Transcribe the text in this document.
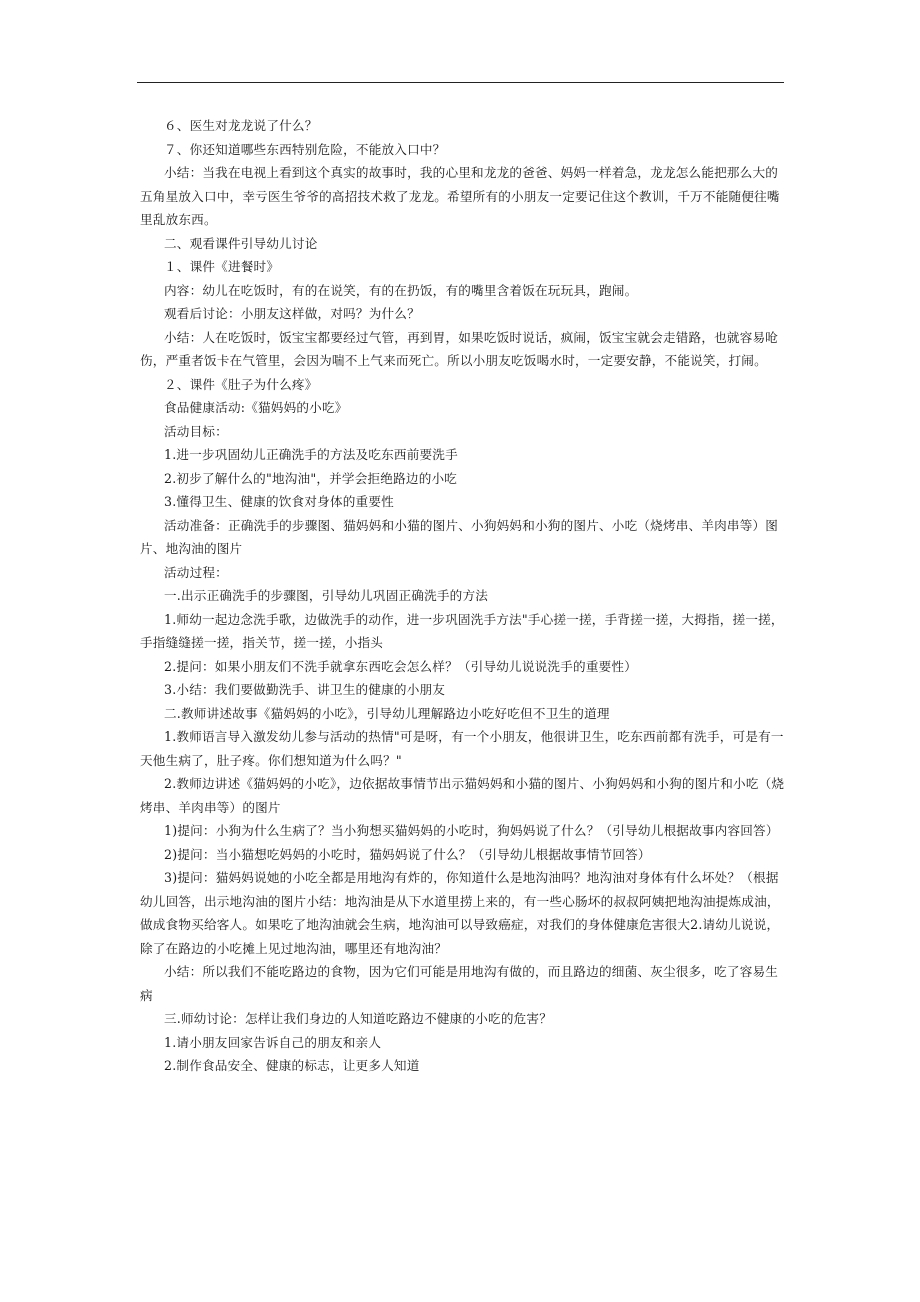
６、医生对龙龙说了什么？

７、你还知道哪些东西特别危险，不能放入口中？

小结：当我在电视上看到这个真实的故事时，我的心里和龙龙的爸爸、妈妈一样着急，龙龙怎么能把那么大的五角星放入口中，幸亏医生爷爷的高招技术救了龙龙。希望所有的小朋友一定要记住这个教训，千万不能随便往嘴里乱放东西。

二、观看课件引导幼儿讨论

１、课件《进餐时》

内容：幼儿在吃饭时，有的在说笑，有的在扔饭，有的嘴里含着饭在玩玩具，跑闹。

观看后讨论：小朋友这样做，对吗？为什么？

小结：人在吃饭时，饭宝宝都要经过气管，再到胃，如果吃饭时说话，疯闹，饭宝宝就会走错路，也就容易呛伤，严重者饭卡在气管里，会因为喘不上气来而死亡。所以小朋友吃饭喝水时，一定要安静，不能说笑，打闹。

２、课件《肚子为什么疼》

食品健康活动:《猫妈妈的小吃》

活动目标：

1.进一步巩固幼儿正确洗手的方法及吃东西前要洗手

2.初步了解什么的"地沟油"，并学会拒绝路边的小吃

3.懂得卫生、健康的饮食对身体的重要性

活动准备：正确洗手的步骤图、猫妈妈和小猫的图片、小狗妈妈和小狗的图片、小吃（烧烤串、羊肉串等）图片、地沟油的图片

活动过程：

一.出示正确洗手的步骤图，引导幼儿巩固正确洗手的方法

1.师幼一起边念洗手歌，边做洗手的动作，进一步巩固洗手方法"手心搓一搓，手背搓一搓，大拇指，搓一搓，手指缝缝搓一搓，指关节，搓一搓，小指头

2.提问：如果小朋友们不洗手就拿东西吃会怎么样？（引导幼儿说说洗手的重要性）

3.小结：我们要做勤洗手、讲卫生的健康的小朋友

二.教师讲述故事《猫妈妈的小吃》，引导幼儿理解路边小吃好吃但不卫生的道理

1.教师语言导入激发幼儿参与活动的热情"可是呀，有一个小朋友，他很讲卫生，吃东西前都有洗手，可是有一天他生病了，肚子疼。你们想知道为什么吗？"

2.教师边讲述《猫妈妈的小吃》，边依据故事情节出示猫妈妈和小猫的图片、小狗妈妈和小狗的图片和小吃（烧烤串、羊肉串等）的图片

1)提问：小狗为什么生病了？当小狗想买猫妈妈的小吃时，狗妈妈说了什么？（引导幼儿根据故事内容回答）

2)提问：当小猫想吃妈妈的小吃时，猫妈妈说了什么？（引导幼儿根据故事情节回答）

3)提问：猫妈妈说她的小吃全都是用地沟有炸的，你知道什么是地沟油吗？地沟油对身体有什么坏处？（根据幼儿回答，出示地沟油的图片小结：地沟油是从下水道里捞上来的，有一些心肠坏的叔叔阿姨把地沟油提炼成油，做成食物买给客人。如果吃了地沟油就会生病，地沟油可以导致癌症，对我们的身体健康危害很大2.请幼儿说说，除了在路边的小吃摊上见过地沟油，哪里还有地沟油？

小结：所以我们不能吃路边的食物，因为它们可能是用地沟有做的，而且路边的细菌、灰尘很多，吃了容易生病

三.师幼讨论：怎样让我们身边的人知道吃路边不健康的小吃的危害？

1.请小朋友回家告诉自己的朋友和亲人

2.制作食品安全、健康的标志，让更多人知道
